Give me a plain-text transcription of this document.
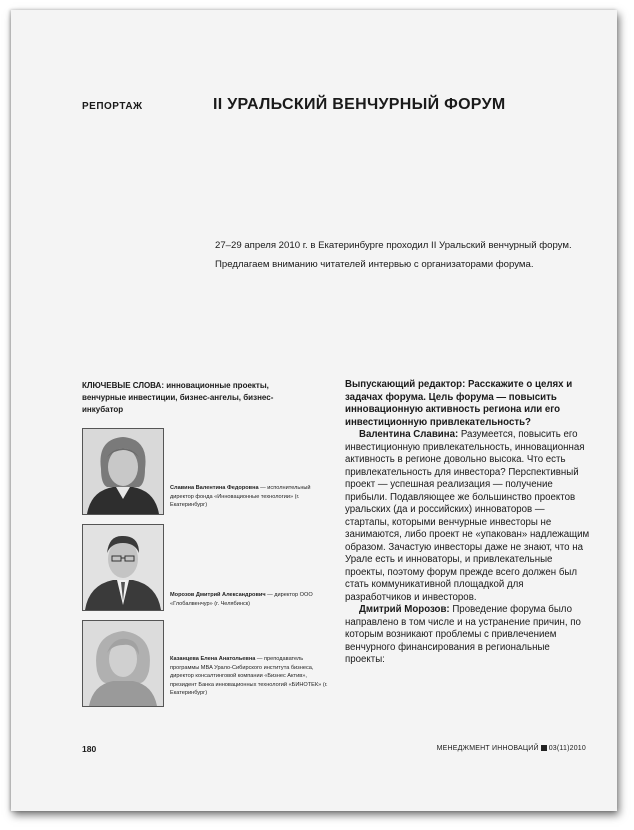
РЕПОРТАЖ	II УРАЛЬСКИЙ ВЕНЧУРНЫЙ ФОРУМ

27–29 апреля 2010 г. в Екатеринбурге проходил II Уральский венчурный форум.

Предлагаем вниманию читателей интервью с организаторами форума.

КЛЮЧЕВЫЕ СЛОВА: инновационные проекты, венчурные инвестиции, бизнес-ангелы, бизнес-инкубатор
Славина Валентина Федоровна — исполнительный директор фонда «Инновационные технологии» (г. Екатеринбург)
Морозов Дмитрий Александрович — директор ООО «Глобалвенчур» (г. Челябинск)
Казанцева Елена Анатольевна — преподаватель программы MBA Урало-Сибирского института бизнеса, директор консалтинговой компании «Бизнес Актив», президент Банка инновационных технологий «БИНОТЕК» (г. Екатеринбург)

Выпускающий редактор: Расскажите о целях и задачах форума. Цель форума — повысить инновационную активность региона или его инвестиционную привлекательность?

Валентина Славина: Разумеется, повысить его инвестиционную привлекательность, инновационная активность в регионе довольно высока. Что есть привлекательность для инвестора? Перспективный проект — успешная реализация — получение прибыли. Подавляющее же большинство проектов уральских (да и российских) инноваторов — стартапы, которыми венчурные инвесторы не занимаются, либо проект не «упакован» надлежащим образом. Зачастую инвесторы даже не знают, что на Урале есть и инноваторы, и привлекательные проекты, поэтому форум прежде всего должен был стать коммуникативной площадкой для разработчиков и инвесторов.

Дмитрий Морозов: Проведение форума было направлено в том числе и на устранение причин, по которым возникают проблемы с привлечением венчурного финансирования в региональные проекты:

180	МЕНЕДЖМЕНТ ИННОВАЦИЙ 03(11)2010
